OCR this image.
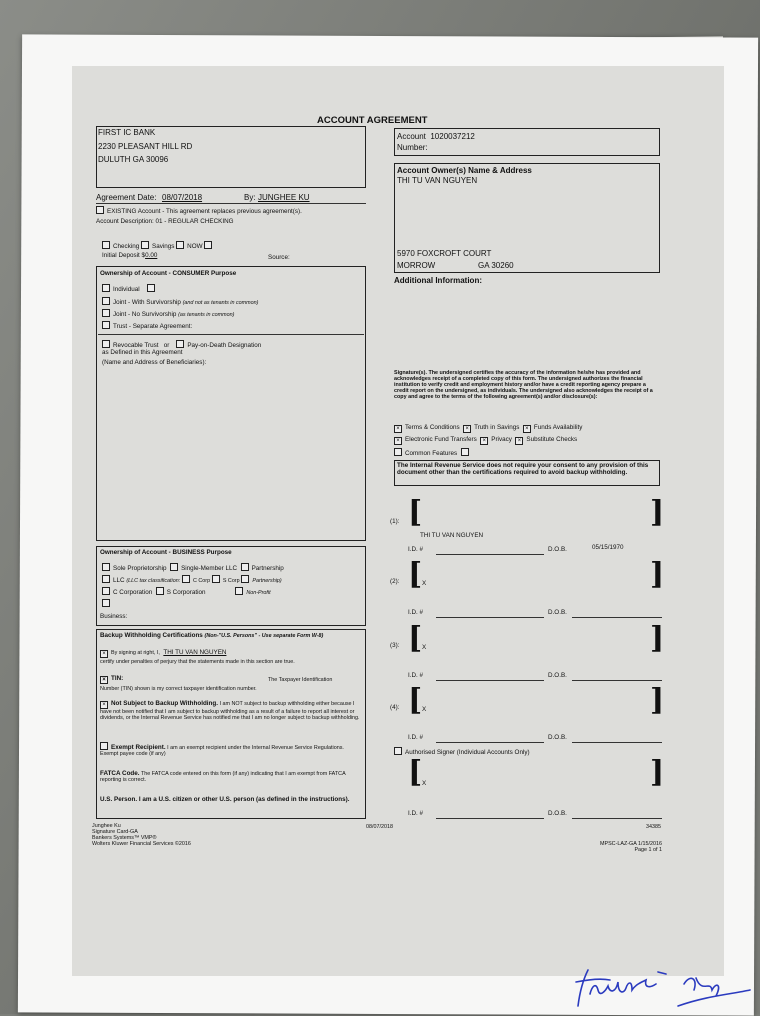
ACCOUNT AGREEMENT
FIRST IC BANK
2230 PLEASANT HILL RD
DULUTH GA 30096
Account 1020037212
Number:
Account Owner(s) Name & Address
THI TU VAN NGUYEN
5970 FOXCROFT COURT
MORROW	GA 30260
Additional Information:
Agreement Date: 08/07/2018	By: JUNGHEE KU
EXISTING Account - This agreement replaces previous agreement(s).
Account Description: 01 - REGULAR CHECKING
Checking Savings NOW
Initial Deposit $0.00	Source:
Ownership of Account - CONSUMER Purpose
Individual
Joint - With Survivorship (and not as tenants in common)
Joint - No Survivorship (as tenants in common)
Trust - Separate Agreement:
Revocable Trust or	Pay-on-Death Designation
as Defined in this Agreement
(Name and Address of Beneficiaries):
Signature(s). The undersigned certifies the accuracy of the information he/she has provided and acknowledges receipt of a completed copy of this form. The undersigned authorizes the financial institution to verify credit and employment history and/or have a credit reporting agency prepare a credit report on the undersigned, as individuals. The undersigned also acknowledges the receipt of a copy and agree to the terms of the following agreement(s) and/or disclosure(s):
×Terms & Conditions × Truth in Savings × Funds Availability
×Electronic Fund Transfers × Privacy × Substitute Checks
Common Features
The Internal Revenue Service does not require your consent to any provision of this document other than the certifications required to avoid backup withholding.
(1): [	]
THI TU VAN NGUYEN
I.D. #	D.O.B.	05/15/1970
(2): [ X	]
I.D. #	D.O.B.
(3): [ X	]
I.D. #	D.O.B.
(4): [ X	]
I.D. #	D.O.B.
Authorised Signer (Individual Accounts Only)
[ X	]
I.D. #	D.O.B.
Ownership of Account - BUSINESS Purpose
Sole Proprietorship Single-Member LLC Partnership
LLC (LLC tax classification: C Corp S Corp Partnership)
C Corporation S Corporation	Non-Profit
Business:
Backup Withholding Certifications (Non-"U.S. Persons" - Use separate Form W-8)
×By signing at right, I, THI TU VAN NGUYEN
certify under penalties of perjury that the statements made in this section are true.
×TIN:	The Taxpayer Identification
Number (TIN) shown is my correct taxpayer identification number.
×Not Subject to Backup Withholding. I am NOT subject to backup withholding either because I have not been notified that I am subject to backup withholding as a result of a failure to report all interest or dividends, or the Internal Revenue Service has notified me that I am no longer subject to backup withholding.
Exempt Recipient. I am an exempt recipient under the Internal Revenue Service Regulations. Exempt payee code (if any)
FATCA Code. The FATCA code entered on this form (if any) indicating that I am exempt from FATCA reporting is correct.
U.S. Person. I am a U.S. citizen or other U.S. person (as defined in the instructions).
Junghee Ku
Signature Card-GA
Bankers Systems™ VMP®
Wolters Kluwer Financial Services ©2016
08/07/2018	34385
MPSC-LAZ-GA 1/15/2016
Page 1 of 1
